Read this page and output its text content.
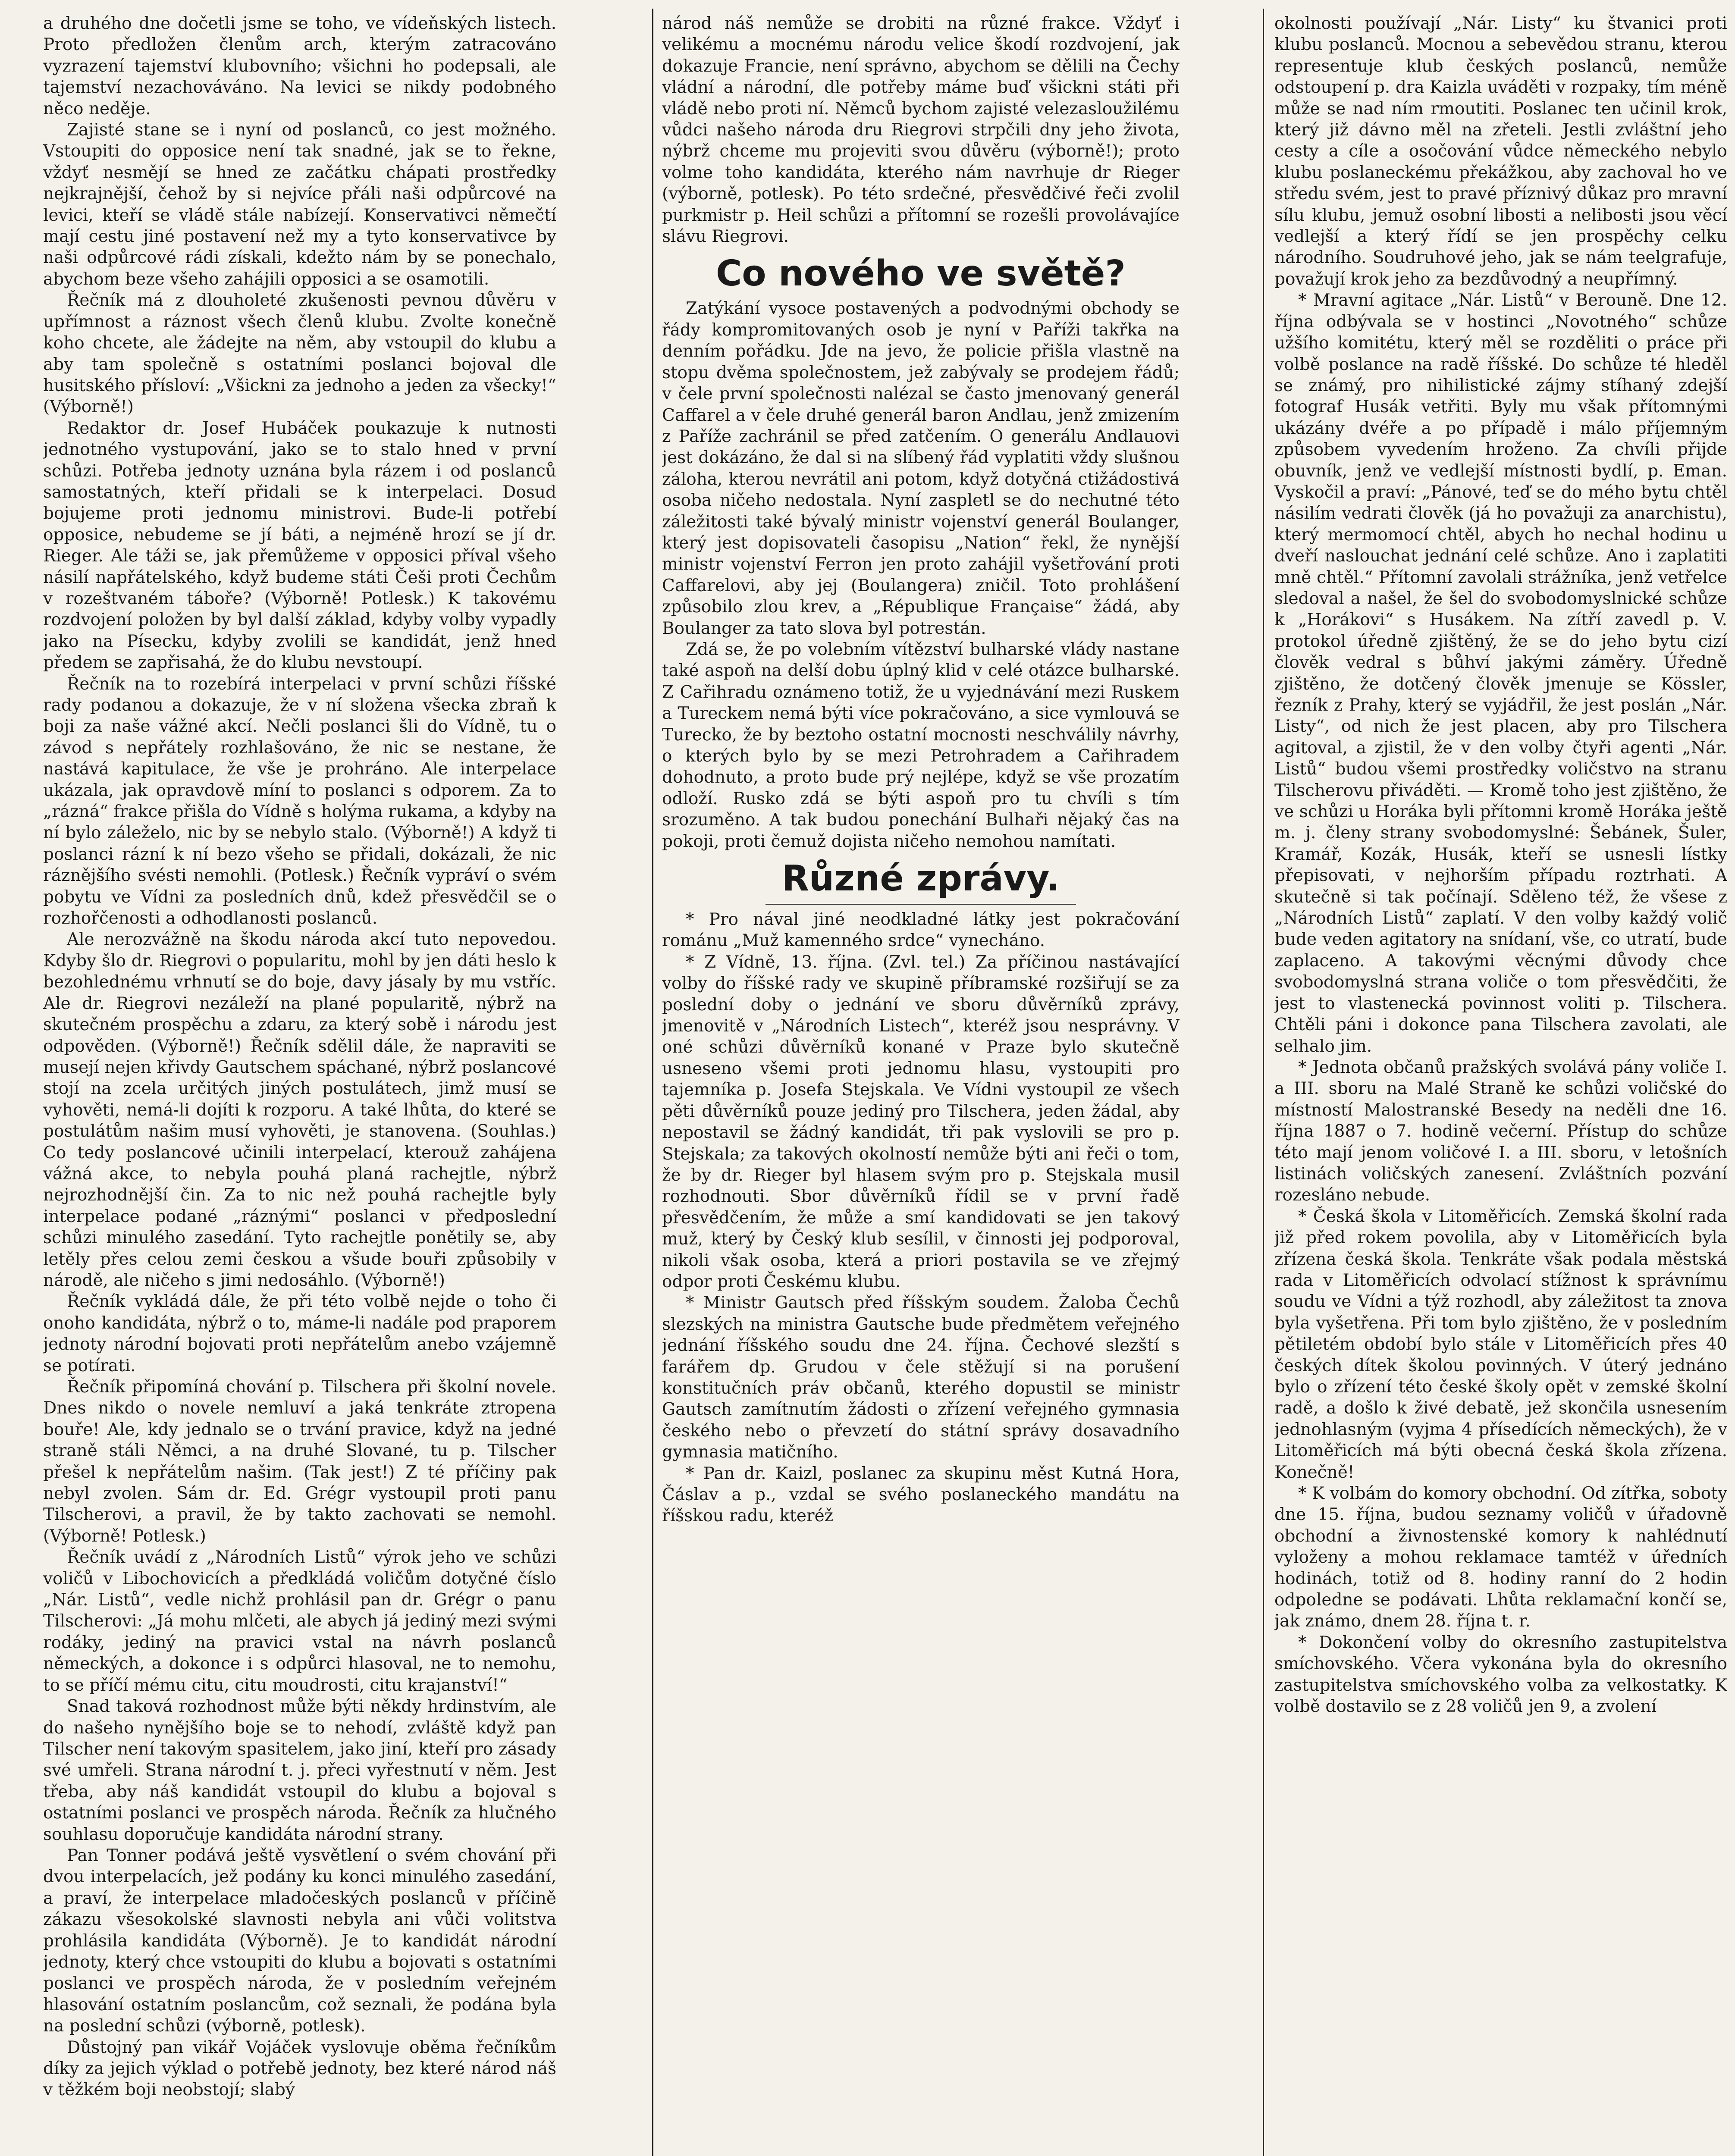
a druhého dne dočetli jsme se toho, ve vídeňských listech. Proto předložen členům arch, kterým zatracováno vyzrazení tajemství klubovního; všichni ho podepsali, ale tajemství nezachováváno. Na levici se nikdy podobného něco neděje.

Zajisté stane se i nyní od poslanců, co jest možného. Vstoupiti do opposice není tak snadné, jak se to řekne, vždyť nesmějí se hned ze začátku chápati prostředky nejkrajnější, čehož by si nejvíce přáli naši odpůrcové na levici, kteří se vládě stále nabízejí. Konservativci němečtí mají cestu jiné postavení než my a tyto konservativce by naši odpůrcové rádi získali, kdežto nám by se ponechalo, abychom beze všeho zahájili opposici a se osamotili.

Řečník má z dlouholeté zkušenosti pevnou důvěru v upřímnost a ráznost všech členů klubu. Zvolte konečně koho chcete, ale žádejte na něm, aby vstoupil do klubu a aby tam společně s ostatními poslanci bojoval dle husitského přísloví: „Všickni za jednoho a jeden za všecky!“ (Výborně!)

Redaktor dr. Josef Hubáček poukazuje k nutnosti jednotného vystupování, jako se to stalo hned v první schůzi. Potřeba jednoty uznána byla rázem i od poslanců samostatných, kteří přidali se k interpelaci. Dosud bojujeme proti jednomu ministrovi. Bude-li potřebí opposice, nebudeme se jí báti, a nejméně hrozí se jí dr. Rieger. Ale táži se, jak přemůžeme v opposici příval všeho násilí napřátelského, když budeme státi Češi proti Čechům v rozeštvaném táboře? (Výborně! Potlesk.) K takovému rozdvojení položen by byl další základ, kdyby volby vypadly jako na Písecku, kdyby zvolili se kandidát, jenž hned předem se zapřisahá, že do klubu nevstoupí.

Řečník na to rozebírá interpelaci v první schůzi říšské rady podanou a dokazuje, že v ní složena všecka zbraň k boji za naše vážné akcí. Nečli poslanci šli do Vídně, tu o závod s nepřátely rozhlašováno, že nic se nestane, že nastává kapitulace, že vše je prohráno. Ale interpelace ukázala, jak opravdově míní to poslanci s odporem. Za to „rázná“ frakce přišla do Vídně s holýma rukama, a kdyby na ní bylo záleželo, nic by se nebylo stalo. (Výborně!) A když ti poslanci rázní k ní bezo všeho se přidali, dokázali, že nic ráznějšího svésti nemohli. (Potlesk.) Řečník vypráví o svém pobytu ve Vídni za posledních dnů, kdež přesvědčil se o rozhořčenosti a odhodlanosti poslanců.

Ale nerozvážně na škodu národa akcí tuto nepovedou. Kdyby šlo dr. Riegrovi o popularitu, mohl by jen dáti heslo k bezohlednému vrhnutí se do boje, davy jásaly by mu vstříc. Ale dr. Riegrovi nezáleží na plané popularitě, nýbrž na skutečném prospěchu a zdaru, za který sobě i národu jest odpověden. (Výborně!) Řečník sdělil dále, že napraviti se musejí nejen křivdy Gautschem spáchané, nýbrž poslancové stojí na zcela určitých jiných postulátech, jimž musí se vyhověti, nemá-li dojíti k rozporu. A také lhůta, do které se postulátům našim musí vyhověti, je stanovena. (Souhlas.) Co tedy poslancové učinili interpelací, kterouž zahájena vážná akce, to nebyla pouhá planá rachejtle, nýbrž nejrozhodnější čin. Za to nic než pouhá rachejtle byly interpelace podané „ráznými“ poslanci v předposlední schůzi minulého zasedání. Tyto rachejtle ponětily se, aby letěly přes celou zemi českou a všude bouři způsobily v národě, ale ničeho s jimi nedosáhlo. (Výborně!)

Řečník vykládá dále, že při této volbě nejde o toho či onoho kandidáta, nýbrž o to, máme-li nadále pod praporem jednoty národní bojovati proti nepřátelům anebo vzájemně se potírati.

Řečník připomíná chování p. Tilschera při školní novele. Dnes nikdo o novele nemluví a jaká tenkráte ztropena bouře! Ale, kdy jednalo se o trvání pravice, když na jedné straně stáli Němci, a na druhé Slované, tu p. Tilscher přešel k nepřátelům našim. (Tak jest!) Z té příčiny pak nebyl zvolen. Sám dr. Ed. Grégr vystoupil proti panu Tilscherovi, a pravil, že by takto zachovati se nemohl. (Výborně! Potlesk.)

Řečník uvádí z „Národních Listů“ výrok jeho ve schůzi voličů v Libochovicích a předkládá voličům dotyčné číslo „Nár. Listů“, vedle nichž prohlásil pan dr. Grégr o panu Tilscherovi: „Já mohu mlčeti, ale abych já jediný mezi svými rodáky, jediný na pravici vstal na návrh poslanců německých, a dokonce i s odpůrci hlasoval, ne to nemohu, to se příčí mému citu, citu moudrosti, citu krajanství!“

Snad taková rozhodnost může býti někdy hrdinstvím, ale do našeho nynějšího boje se to nehodí, zvláště když pan Tilscher není takovým spasitelem, jako jiní, kteří pro zásady své umřeli. Strana národní t. j. přeci vyřestnutí v něm. Jest třeba, aby náš kandidát vstoupil do klubu a bojoval s ostatními poslanci ve prospěch národa. Řečník za hlučného souhlasu doporučuje kandidáta národní strany.

Pan Tonner podává ještě vysvětlení o svém chování při dvou interpelacích, jež podány ku konci minulého zasedání, a praví, že interpelace mladočeských poslanců v příčině zákazu všesokolské slavnosti nebyla ani vůči volitstva prohlásila kandidáta (Výborně). Je to kandidát národní jednoty, který chce vstoupiti do klubu a bojovati s ostatními poslanci ve prospěch národa, že v posledním veřejném hlasování ostatním poslancům, což seznali, že podána byla na poslední schůzi (výborně, potlesk).

Důstojný pan vikář Vojáček vyslovuje oběma řečníkům díky za jejich výklad o potřebě jednoty, bez které národ náš v těžkém boji neobstojí; slabý

národ náš nemůže se drobiti na různé frakce. Vždyť i velikému a mocnému národu velice škodí rozdvojení, jak dokazuje Francie, není správno, abychom se dělili na Čechy vládní a národní, dle potřeby máme buď všickni státi při vládě nebo proti ní. Němců bychom zajisté velezasloužilému vůdci našeho národa dru Riegrovi strpčili dny jeho života, nýbrž chceme mu projeviti svou důvěru (výborně!); proto volme toho kandidáta, kterého nám navrhuje dr Rieger (výborně, potlesk). Po této srdečné, přesvědčivé řeči zvolil purkmistr p. Heil schůzi a přítomní se rozešli provolávajíce slávu Riegrovi.

Co nového ve světě?

Zatýkání vysoce postavených a podvodnými obchody se řády kompromitovaných osob je nyní v Paříži takřka na denním pořádku. Jde na jevo, že policie přišla vlastně na stopu dvěma společnostem, jež zabývaly se prodejem řádů; v čele první společnosti nalézal se často jmenovaný generál Caffarel a v čele druhé generál baron Andlau, jenž zmizením z Paříže zachránil se před zatčením. O generálu Andlauovi jest dokázáno, že dal si na slíbený řád vyplatiti vždy slušnou záloha, kterou nevrátil ani potom, když dotyčná ctižádostivá osoba ničeho nedostala. Nyní zaspletl se do nechutné této záležitosti také bývalý ministr vojenství generál Boulanger, který jest dopisovateli časopisu „Nation“ řekl, že nynější ministr vojenství Ferron jen proto zahájil vyšetřování proti Caffarelovi, aby jej (Boulangera) zničil. Toto prohlášení způsobilo zlou krev, a „République Française“ žádá, aby Boulanger za tato slova byl potrestán.

Zdá se, že po volebním vítězství bulharské vlády nastane také aspoň na delší dobu úplný klid v celé otázce bulharské. Z Cařihradu oznámeno totiž, že u vyjednávání mezi Ruskem a Tureckem nemá býti více pokračováno, a sice vymlouvá se Turecko, že by beztoho ostatní mocnosti neschválily návrhy, o kterých bylo by se mezi Petrohradem a Cařihradem dohodnuto, a proto bude prý nejlépe, když se vše prozatím odloží. Rusko zdá se býti aspoň pro tu chvíli s tím srozuměno. A tak budou ponechání Bulhaři nějaký čas na pokoji, proti čemuž dojista ničeho nemohou namítati.

Různé zprávy.

* Pro nával jiné neodkladné látky jest pokračování románu „Muž kamenného srdce“ vynecháno.

* Z Vídně, 13. října. (Zvl. tel.) Za příčinou nastávající volby do říšské rady ve skupině příbramské rozšiřují se za poslední doby o jednání ve sboru důvěrníků zprávy, jmenovitě v „Národních Listech“, kteréž jsou nesprávny. V oné schůzi důvěrníků konané v Praze bylo skutečně usneseno všemi proti jednomu hlasu, vystoupiti pro tajemníka p. Josefa Stejskala. Ve Vídni vystoupil ze všech pěti důvěrníků pouze jediný pro Tilschera, jeden žádal, aby nepostavil se žádný kandidát, tři pak vyslovili se pro p. Stejskala; za takových okolností nemůže býti ani řeči o tom, že by dr. Rieger byl hlasem svým pro p. Stejskala musil rozhodnouti. Sbor důvěrníků řídil se v první řadě přesvědčením, že může a smí kandidovati se jen takový muž, který by Český klub sesílil, v činnosti jej podporoval, nikoli však osoba, která a priori postavila se ve zřejmý odpor proti Českému klubu.

* Ministr Gautsch před říšským soudem. Žaloba Čechů slezských na ministra Gautsche bude předmětem veřejného jednání říšského soudu dne 24. října. Čechové slezští s farářem dp. Grudou v čele stěžují si na porušení konstitučních práv občanů, kterého dopustil se ministr Gautsch zamítnutím žádosti o zřízení veřejného gymnasia českého nebo o převzetí do státní správy dosavadního gymnasia matičního.

* Pan dr. Kaizl, poslanec za skupinu měst Kutná Hora, Čáslav a p., vzdal se svého poslaneckého mandátu na říšskou radu, kteréž

okolnosti používají „Nár. Listy“ ku štvanici proti klubu poslanců. Mocnou a sebevědou stranu, kterou representuje klub českých poslanců, nemůže odstoupení p. dra Kaizla uváděti v rozpaky, tím méně může se nad ním rmoutiti. Poslanec ten učinil krok, který již dávno měl na zřeteli. Jestli zvláštní jeho cesty a cíle a osočování vůdce německého nebylo klubu poslaneckému překážkou, aby zachoval ho ve středu svém, jest to pravé příznivý důkaz pro mravní sílu klubu, jemuž osobní libosti a nelibosti jsou věcí vedlejší a který řídí se jen prospěchy celku národního. Soudruhové jeho, jak se nám teelgrafuje, považují krok jeho za bezdůvodný a neupřímný.

* Mravní agitace „Nár. Listů“ v Berouně. Dne 12. října odbývala se v hostinci „Novotného“ schůze užšího komitétu, který měl se rozděliti o práce při volbě poslance na radě říšské. Do schůze té hleděl se známý, pro nihilistické zájmy stíhaný zdejší fotograf Husák vetřiti. Byly mu však přítomnými ukázány dvéře a po případě i málo příjemným způsobem vyvedením hroženo. Za chvíli přijde obuvník, jenž ve vedlejší místnosti bydlí, p. Eman. Vyskočil a praví: „Pánové, teď se do mého bytu chtěl násilím vedrati člověk (já ho považuji za anarchistu), který mermomocí chtěl, abych ho nechal hodinu u dveří naslouchat jednání celé schůze. Ano i zaplatiti mně chtěl.“ Přítomní zavolali strážníka, jenž vetřelce sledoval a našel, že šel do svobodomyslnické schůze k „Horákovi“ s Husákem. Na zítří zavedl p. V. protokol úředně zjištěný, že se do jeho bytu cizí člověk vedral s bůhví jakými záměry. Úředně zjištěno, že dotčený člověk jmenuje se Kössler, řezník z Prahy, který se vyjádřil, že jest poslán „Nár. Listy“, od nich že jest placen, aby pro Tilschera agitoval, a zjistil, že v den volby čtyři agenti „Nár. Listů“ budou všemi prostředky voličstvo na stranu Tilscherovu přiváděti. — Kromě toho jest zjištěno, že ve schůzi u Horáka byli přítomni kromě Horáka ještě m. j. členy strany svobodomyslné: Šebánek, Šuler, Kramář, Kozák, Husák, kteří se usnesli lístky přepisovati, v nejhorším případu roztrhati. A skutečně si tak počínají. Sděleno též, že všese z „Národních Listů“ zaplatí. V den volby každý volič bude veden agitatory na snídaní, vše, co utratí, bude zaplaceno. A takovými věcnými důvody chce svobodomyslná strana voliče o tom přesvědčiti, že jest to vlastenecká povinnost voliti p. Tilschera. Chtěli páni i dokonce pana Tilschera zavolati, ale selhalo jim.

* Jednota občanů pražských svolává pány voliče I. a III. sboru na Malé Straně ke schůzi voličské do místností Malostranské Besedy na neděli dne 16. října 1887 o 7. hodině večerní. Přístup do schůze této mají jenom voličové I. a III. sboru, v letošních listinách voličských zanesení. Zvláštních pozvání rozesláno nebude.

* Česká škola v Litoměřicích. Zemská školní rada již před rokem povolila, aby v Litoměřicích byla zřízena česká škola. Tenkráte však podala městská rada v Litoměřicích odvolací stížnost k správnímu soudu ve Vídni a týž rozhodl, aby záležitost ta znova byla vyšetřena. Při tom bylo zjištěno, že v posledním pětiletém období bylo stále v Litoměřicích přes 40 českých dítek školou povinných. V úterý jednáno bylo o zřízení této české školy opět v zemské školní radě, a došlo k živé debatě, jež skončila usnesením jednohlasným (vyjma 4 přísedících německých), že v Litoměřicích má býti obecná česká škola zřízena. Konečně!

* K volbám do komory obchodní. Od zítřka, soboty dne 15. října, budou seznamy voličů v úřadovně obchodní a živnostenské komory k nahlédnutí vyloženy a mohou reklamace tamtéž v úředních hodinách, totiž od 8. hodiny ranní do 2 hodin odpoledne se podávati. Lhůta reklamační končí se, jak známo, dnem 28. října t. r.

* Dokončení volby do okresního zastupitelstva smíchovského. Včera vykonána byla do okresního zastupitelstva smíchovského volba za velkostatky. K volbě dostavilo se z 28 voličů jen 9, a zvolení
